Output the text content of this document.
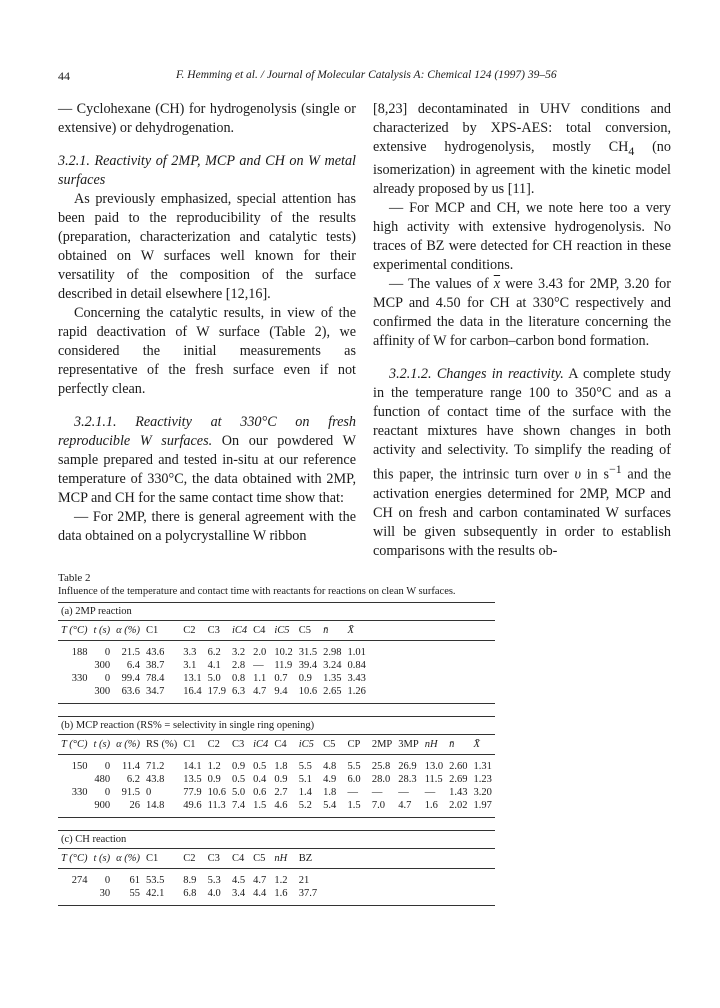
44	F. Hemming et al. / Journal of Molecular Catalysis A: Chemical 124 (1997) 39–56

— Cyclohexane (CH) for hydrogenolysis (single or extensive) or dehydrogenation.

3.2.1. Reactivity of 2MP, MCP and CH on W metal surfaces

As previously emphasized, special attention has been paid to the reproducibility of the results (preparation, characterization and catalytic tests) obtained on W surfaces well known for their versatility of the composition of the surface described in detail elsewhere [12,16].

Concerning the catalytic results, in view of the rapid deactivation of W surface (Table 2), we considered the initial measurements as representative of the fresh surface even if not perfectly clean.

3.2.1.1. Reactivity at 330°C on fresh reproducible W surfaces. On our powdered W sample prepared and tested in-situ at our reference temperature of 330°C, the data obtained with 2MP, MCP and CH for the same contact time show that:

— For 2MP, there is general agreement with the data obtained on a polycrystalline W ribbon

[8,23] decontaminated in UHV conditions and characterized by XPS-AES: total conversion, extensive hydrogenolysis, mostly $CH_4$ (no isomerization) in agreement with the kinetic model already proposed by us [11].

— For MCP and CH, we note here too a very high activity with extensive hydrogenolysis. No traces of BZ were detected for CH reaction in these experimental conditions.

— The values of $\overline{x}$ were 3.43 for 2MP, 3.20 for MCP and 4.50 for CH at 330°C respectively and confirmed the data in the literature concerning the affinity of W for carbon–carbon bond formation.

3.2.1.2. Changes in reactivity. A complete study in the temperature range 100 to 350°C and as a function of contact time of the surface with the reactant mixtures have shown changes in both activity and selectivity. To simplify the reading of this paper, the intrinsic turn over υ in $s^{-1}$ and the activation energies determined for 2MP, MCP and CH on fresh and carbon contaminated W surfaces will be given subsequently in order to establish comparisons with the results ob-

Table 2

Influence of the temperature and contact time with reactants for reactions on clean W surfaces.

(a) 2MP reaction																
T (°C)	t (s)	α (%)	C1	C2	C3	iC4	C4	iC5	C5	n̄	X̄					
188	0	21.5	43.6	3.3	6.2	3.2	2.0	10.2	31.5	2.98	1.01					
	300	6.4	38.7	3.1	4.1	2.8	—	11.9	39.4	3.24	0.84					
330	0	99.4	78.4	13.1	5.0	0.8	1.1	0.7	0.9	1.35	3.43					
	300	63.6	34.7	16.4	17.9	6.3	4.7	9.4	10.6	2.65	1.26					

(b) MCP reaction (RS% = selectivity in single ring opening)																
T (°C)	t (s)	α (%)	RS (%)	C1	C2	C3	iC4	C4	iC5	C5	CP	2MP	3MP	nH	n̄	X̄
150	0	11.4	71.2	14.1	1.2	0.9	0.5	1.8	5.5	4.8	5.5	25.8	26.9	13.0	2.60	1.31
	480	6.2	43.8	13.5	0.9	0.5	0.4	0.9	5.1	4.9	6.0	28.0	28.3	11.5	2.69	1.23
330	0	91.5	0	77.9	10.6	5.0	0.6	2.7	1.4	1.8	—	—	—	—	1.43	3.20
	900	26	14.8	49.6	11.3	7.4	1.5	4.6	5.2	5.4	1.5	7.0	4.7	1.6	2.02	1.97

(c) CH reaction																
T (°C)	t (s)	α (%)	C1	C2	C3	C4	C5	nH	BZ							
274	0	61	53.5	8.9	5.3	4.5	4.7	1.2	21							
	30	55	42.1	6.8	4.0	3.4	4.4	1.6	37.7							
